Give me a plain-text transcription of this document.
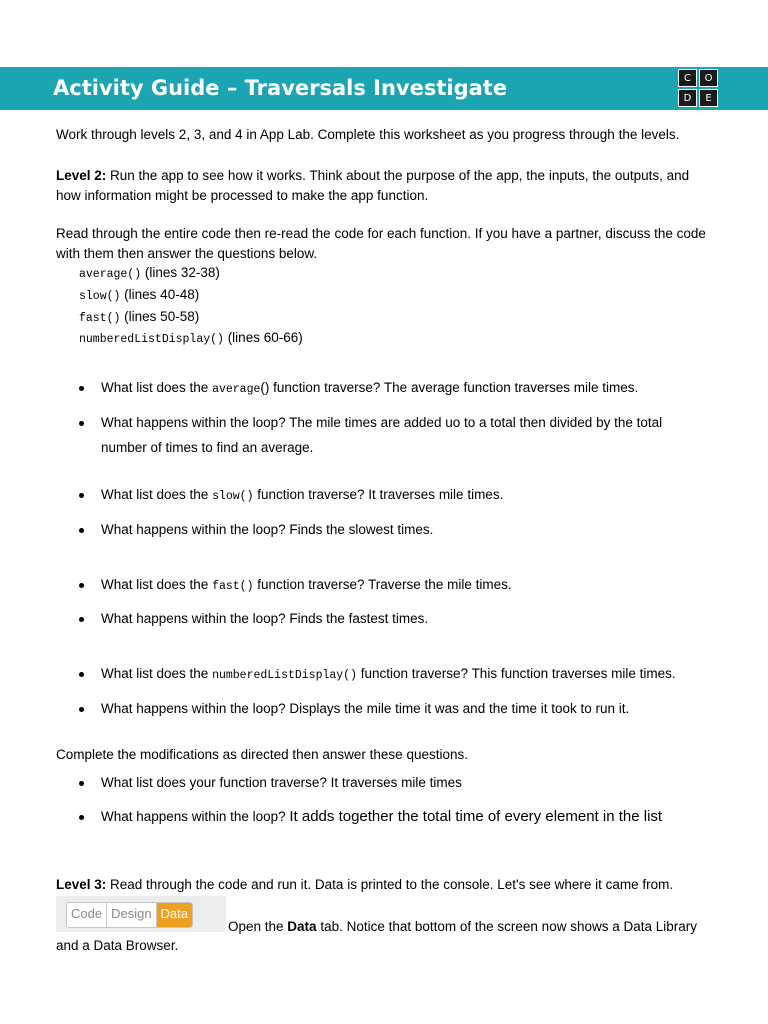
Activity Guide – Traversals Investigate	C	O
D	E
Work through levels 2, 3, and 4 in App Lab. Complete this worksheet as you progress through the levels.
Level 2: Run the app to see how it works. Think about the purpose of the app, the inputs, the outputs, and
how information might be processed to make the app function.
Read through the entire code then re-read the code for each function. If you have a partner, discuss the code
with them then answer the questions below.
average() (lines 32-38)
slow() (lines 40-48)
fast() (lines 50-58)
numberedListDisplay() (lines 60-66)
What list does the average() function traverse? The average function traverses mile times.
What happens within the loop? The mile times are added uo to a total then divided by the total
number of times to find an average.
What list does the slow() function traverse? It traverses mile times.
What happens within the loop? Finds the slowest times.
What list does the fast() function traverse? Traverse the mile times.
What happens within the loop? Finds the fastest times.
What list does the numberedListDisplay() function traverse? This function traverses mile times.
What happens within the loop? Displays the mile time it was and the time it took to run it.
Complete the modifications as directed then answer these questions.
What list does your function traverse? It traverses mile times
What happens within the loop? It adds together the total time of every element in the list
Level 3: Read through the code and run it. Data is printed to the console. Let's see where it came from.
Code Design Data
Open the Data tab. Notice that bottom of the screen now shows a Data Library
and a Data Browser.
